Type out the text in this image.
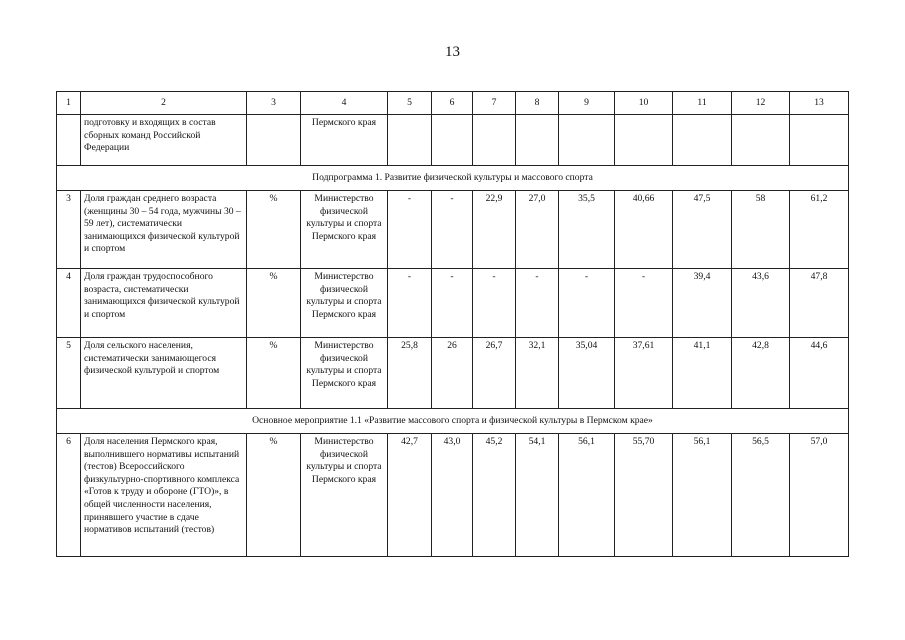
13
1	2	3	4	5	6	7	8	9	10	11	12	13
	подготовку и входящих в состав сборных команд Российской Федерации		Пермского края									
Подпрограмма 1. Развитие физической культуры и массового спорта												
3	Доля граждан среднего возраста (женщины 30 – 54 года, мужчины 30 – 59 лет), систематически занимающихся физической культурой и спортом	%	Министерство физической культуры и спорта Пермского края	-	-	22,9	27,0	35,5	40,66	47,5	58	61,2
4	Доля граждан трудоспособного возраста, систематически занимающихся физической культурой и спортом	%	Министерство физической культуры и спорта Пермского края	-	-	-	-	-	-	39,4	43,6	47,8
5	Доля сельского населения, систематически занимающегося физической культурой и спортом	%	Министерство физической культуры и спорта Пермского края	25,8	26	26,7	32,1	35,04	37,61	41,1	42,8	44,6
Основное мероприятие 1.1 «Развитие массового спорта и физической культуры в Пермском крае»												
6	Доля населения Пермского края, выполнившего нормативы испытаний (тестов) Всероссийского физкультурно-спортивного комплекса «Готов к труду и обороне (ГТО)», в общей численности населения, принявшего участие в сдаче нормативов испытаний (тестов)	%	Министерство физической культуры и спорта Пермского края	42,7	43,0	45,2	54,1	56,1	55,70	56,1	56,5	57,0
